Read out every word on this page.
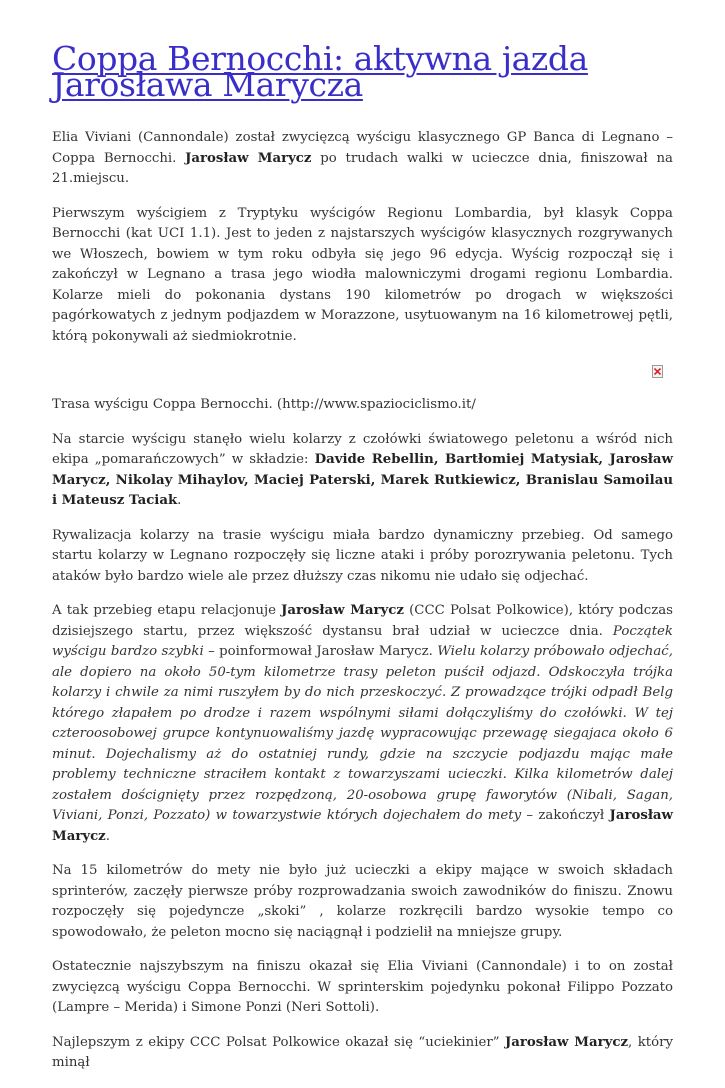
Coppa Bernocchi: aktywna jazda Jarosława Marycza

Elia Viviani (Cannondale) został zwycięzcą wyścigu klasycznego GP Banca di Legnano – Coppa Bernocchi. Jarosław Marycz po trudach walki w ucieczce dnia, finiszował na 21.miejscu.

Pierwszym wyścigiem z Tryptyku wyścigów Regionu Lombardia, był klasyk Coppa Bernocchi (kat UCI 1.1). Jest to jeden z najstarszych wyścigów klasycznych rozgrywanych we Włoszech, bowiem w tym roku odbyła się jego 96 edycja. Wyścig rozpoczął się i zakończył w Legnano a trasa jego wiodła malowniczymi drogami regionu Lombardia. Kolarze mieli do pokonania dystans 190 kilometrów po drogach w większości pagórkowatych z jednym podjazdem w Morazzone, usytuowanym na 16 kilometrowej pętli, którą pokonywali aż siedmiokrotnie.

Trasa wyścigu Coppa Bernocchi. (http://www.spaziociclismo.it/

Na starcie wyścigu stanęło wielu kolarzy z czołówki światowego peletonu a wśród nich ekipa „pomarańczowych” w składzie: Davide Rebellin, Bartłomiej Matysiak, Jarosław Marycz, Nikolay Mihaylov, Maciej Paterski, Marek Rutkiewicz, Branislau Samoilau i Mateusz Taciak.

Rywalizacja kolarzy na trasie wyścigu miała bardzo dynamiczny przebieg. Od samego startu kolarzy w Legnano rozpoczęły się liczne ataki i próby porozrywania peletonu. Tych ataków było bardzo wiele ale przez dłuższy czas nikomu nie udało się odjechać.

A tak przebieg etapu relacjonuje Jarosław Marycz (CCC Polsat Polkowice), który podczas dzisiejszego startu, przez większość dystansu brał udział w ucieczce dnia. Początek wyścigu bardzo szybki – poinformował Jarosław Marycz. Wielu kolarzy próbowało odjechać, ale dopiero na około 50-tym kilometrze trasy peleton puścił odjazd. Odskoczyła trójka kolarzy i chwile za nimi ruszyłem by do nich przeskoczyć. Z prowadzące trójki odpadł Belg którego złapałem po drodze i razem wspólnymi siłami dołączyliśmy do czołówki. W tej czteroosobowej grupce kontynuowaliśmy jazdę wypracowując przewagę siegajaca około 6 minut. Dojechalismy aż do ostatniej rundy, gdzie na szczycie podjazdu mając małe problemy techniczne straciłem kontakt z towarzyszami ucieczki. Kilka kilometrów dalej zostałem doścignięty przez rozpędzoną, 20-osobowa grupę faworytów (Nibali, Sagan, Viviani, Ponzi, Pozzato) w towarzystwie których dojechałem do mety – zakończył Jarosław Marycz.

Na 15 kilometrów do mety nie było już ucieczki a ekipy mające w swoich składach sprinterów, zaczęły pierwsze próby rozprowadzania swoich zawodników do finiszu. Znowu rozpoczęły się pojedyncze „skoki” , kolarze rozkręcili bardzo wysokie tempo co spowodowało, że peleton mocno się naciągnął i podzielił na mniejsze grupy.

Ostatecznie najszybszym na finiszu okazał się Elia Viviani (Cannondale) i to on został zwycięzcą wyścigu Coppa Bernocchi. W sprinterskim pojedynku pokonał Filippo Pozzato (Lampre – Merida) i Simone Ponzi (Neri Sottoli).

Najlepszym z ekipy CCC Polsat Polkowice okazał się “uciekinier” Jarosław Marycz, który minął
